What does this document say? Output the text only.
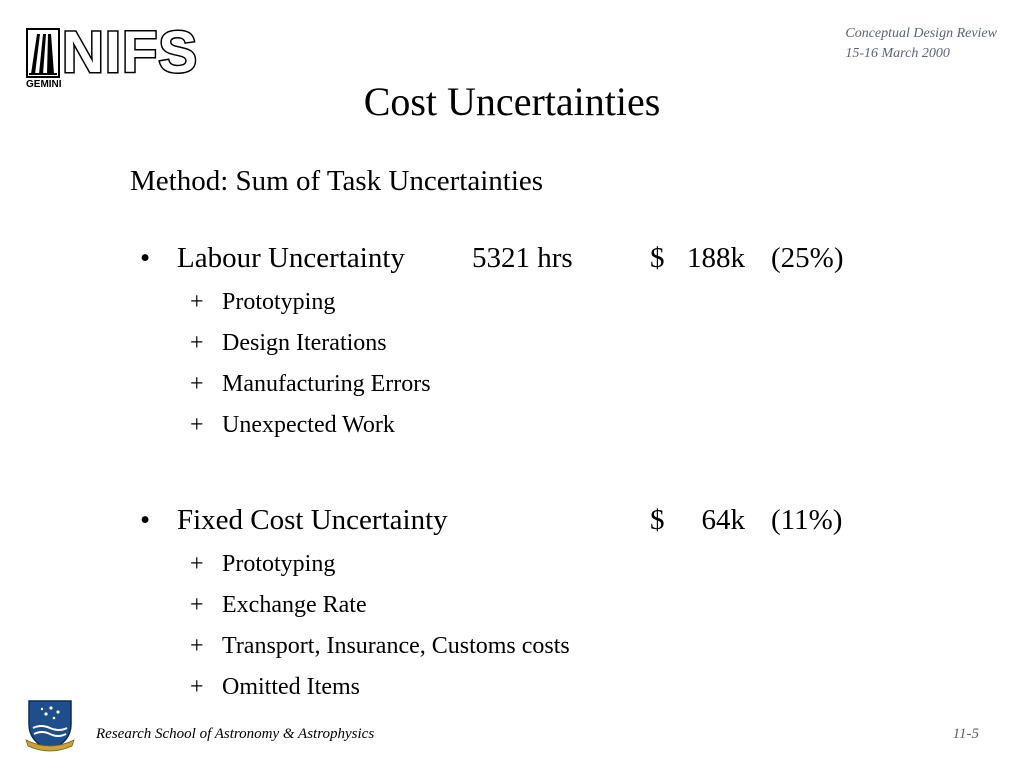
NIFS
GEMINI
Conceptual Design Review
15-16 March 2000
Cost Uncertainties
Method: Sum of Task Uncertainties
• Labour Uncertainty 5321 hrs	$ 188k (25%)
+ Prototyping
+ Design Iterations
+ Manufacturing Errors
+ Unexpected Work
• Fixed Cost Uncertainty	$	64k (11%)
+ Prototyping
+ Exchange Rate
+ Transport, Insurance, Customs costs
+ Omitted Items
Research School of Astronomy & Astrophysics	11-5
